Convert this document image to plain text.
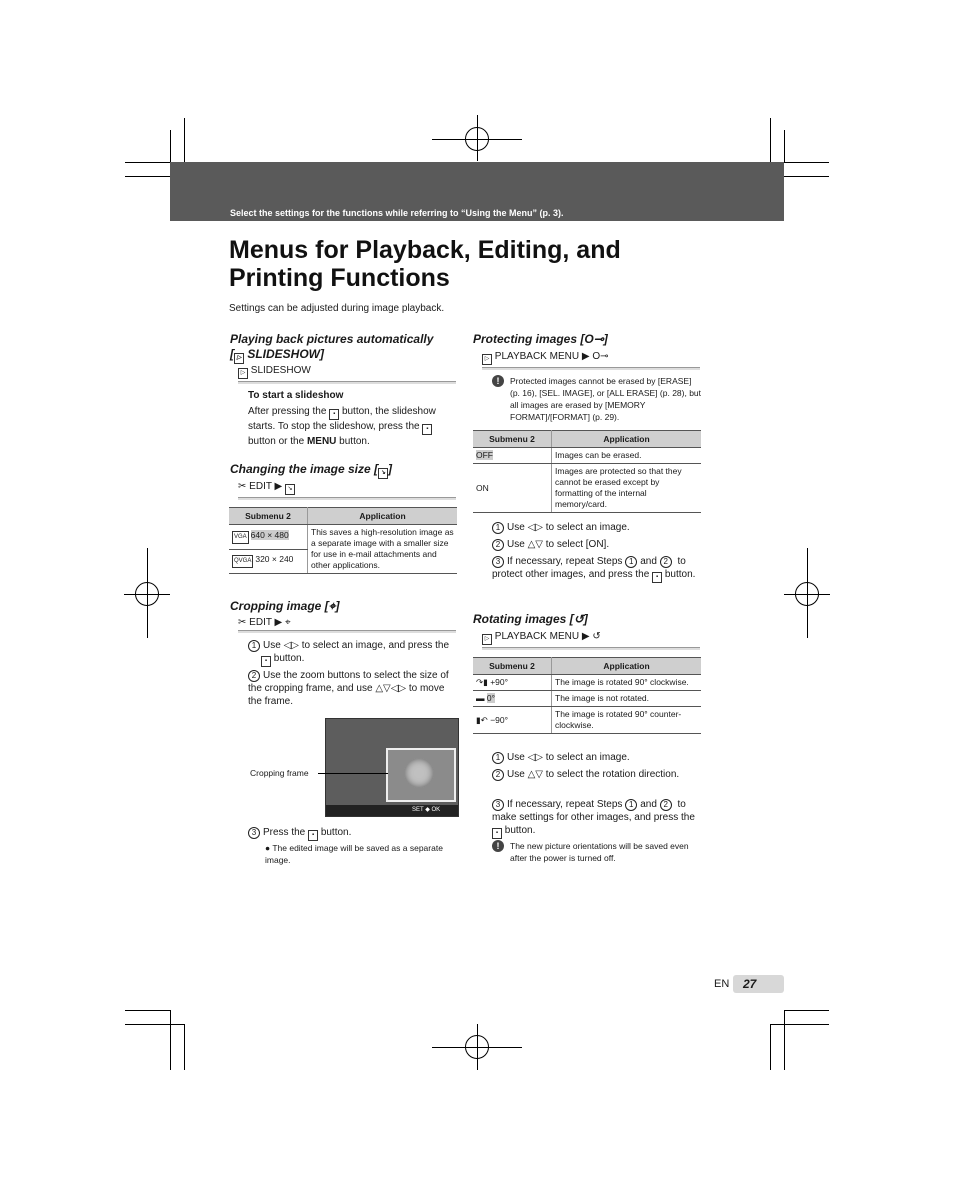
Select the settings for the functions while referring to “Using the Menu” (p. 3).
Menus for Playback, Editing, and
Printing Functions
Settings can be adjusted during image playback.
Playing back pictures automatically
[ ▷ SLIDESHOW]
▷ SLIDESHOW
To start a slideshow
After pressing the ▪ button, the slideshow starts. To stop the slideshow, press the ▪ button or the MENU button.
Changing the image size [ ↘ ]
✂ EDIT ▶ ↘
Submenu 2	Application
VGA 640 × 480	This saves a high-resolution image as a separate image with a smaller size for use in e-mail attachments and other applications.
QVGA 320 × 240	
Cropping image [⌖]
✂ EDIT ▶ ⌖
1 Use ◁▷ to select an image, and press the ▪ button.
2 Use the zoom buttons to select the size of the cropping frame, and use △▽◁▷ to move the frame.
SET ◆ OK
Cropping frame
3 Press the ▪ button.
● The edited image will be saved as a separate image.
Protecting images [O⊸]
▷ PLAYBACK MENU ▶ O⊸
!	Protected images cannot be erased by [ERASE] (p. 16), [SEL. IMAGE], or [ALL ERASE] (p. 28), but all images are erased by [MEMORY FORMAT]/[FORMAT] (p. 29).
Submenu 2	Application
OFF	Images can be erased.
ON	Images are protected so that they cannot be erased except by formatting of the internal memory/card.
1 Use ◁▷ to select an image.
2 Use △▽ to select [ON].
3 If necessary, repeat Steps 1 and 2 to protect other images, and press the ▪ button.
Rotating images [↺]
▷ PLAYBACK MENU ▶ ↺
Submenu 2	Application
↷▮ +90°	The image is rotated 90° clockwise.
▬ 0°	The image is not rotated.
▮↶ −90°	The image is rotated 90° counter-clockwise.
1 Use ◁▷ to select an image.
2 Use △▽ to select the rotation direction.
3 If necessary, repeat Steps 1 and 2 to make settings for other images, and press the ▪ button.
!	The new picture orientations will be saved even after the power is turned off.
EN 27
